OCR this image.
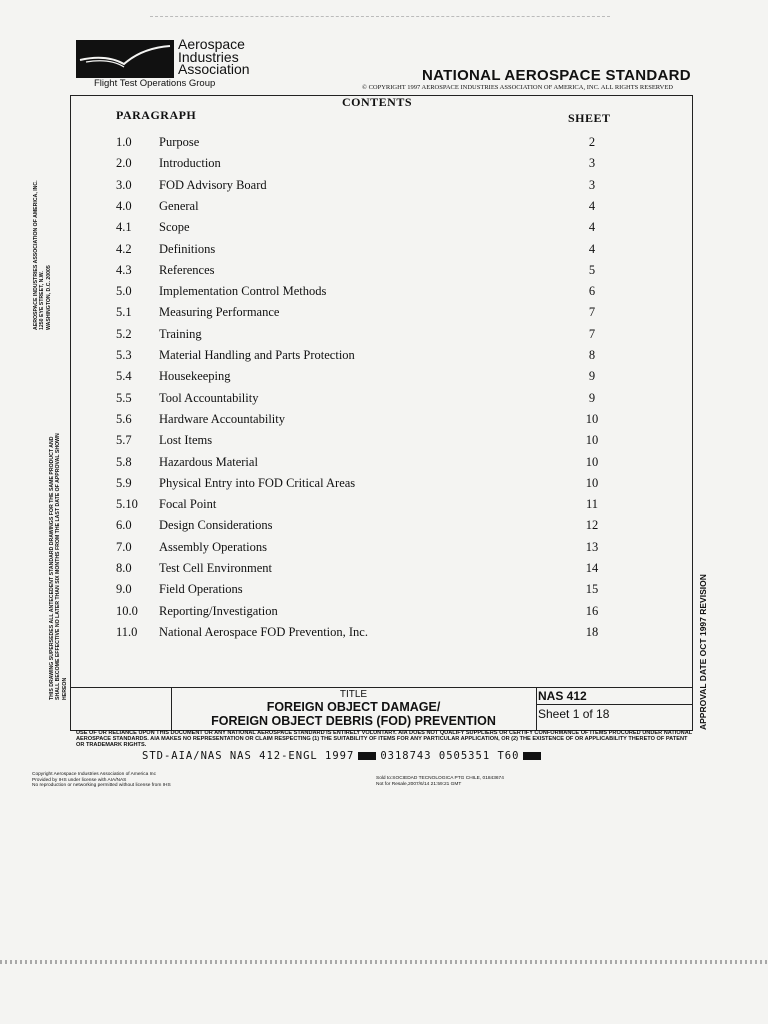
Aerospace
Industries
Association
Flight Test Operations Group	NATIONAL AEROSPACE STANDARD
© COPYRIGHT 1997 AEROSPACE INDUSTRIES ASSOCIATION OF AMERICA, INC. ALL RIGHTS RESERVED
CONTENTS
PARAGRAPH	SHEET
1.0 Purpose	2
2.0 Introduction	3
3.0 FOD Advisory Board	3
4.0 General	4
4.1 Scope	4
4.2 Definitions	4
4.3 References	5
5.0 Implementation Control Methods	6
5.1 Measuring Performance	7
5.2 Training	7
5.3 Material Handling and Parts Protection	8
5.4 Housekeeping	9
5.5 Tool Accountability	9
5.6 Hardware Accountability	10
5.7 Lost Items	10
5.8 Hazardous Material	10
5.9 Physical Entry into FOD Critical Areas	10
5.10 Focal Point	11
6.0 Design Considerations	12
7.0 Assembly Operations	13
8.0 Test Cell Environment	14
9.0 Field Operations	15
10.0 Reporting/Investigation	16
11.0 National Aerospace FOD Prevention, Inc.	18
AEROSPACE INDUSTRIES ASSOCIATION OF AMERICA, INC. 1250 EYE STREET, N.W. WASHINGTON, D.C. 20005
THIS DRAWING SUPERSEDES ALL ANTECEDENT STANDARD DRAWINGS FOR THE SAME PRODUCT AND SHALL BECOME EFFECTIVE NO LATER THAN SIX MONTHS FROM THE LAST DATE OF APPROVAL SHOWN HEREON	APPROVAL DATE OCT 1997 REVISION
TITLE
FOREIGN OBJECT DAMAGE/
FOREIGN OBJECT DEBRIS (FOD) PREVENTION
NAS 412
Sheet 1 of 18
USE OF OR RELIANCE UPON THIS DOCUMENT OR ANY NATIONAL AEROSPACE STANDARD IS ENTIRELY VOLUNTARY. AIA DOES NOT QUALIFY SUPPLIERS OR CERTIFY CONFORMANCE OF ITEMS PROCURED UNDER NATIONAL AEROSPACE STANDARDS. AIA MAKES NO REPRESENTATION OR CLAIM RESPECTING (1) THE SUITABILITY OF ITEMS FOR ANY PARTICULAR APPLICATION, OR (2) THE EXISTENCE OF OR APPLICABILITY THERETO OF PATENT OR TRADEMARK RIGHTS.
STD-AIA/NAS NAS 412-ENGL 1997 0318743 0505351 T60
Copyright Aerospace Industries Association of America Inc
Provided by IHS under license with AIA/NAS
No reproduction or networking permitted without license from IHS
Sold to:SOCIEDAD TECNOLOGICA PTG CHILE, 01843674
Not for Resale,2007/6/14 21:59:21 GMT
